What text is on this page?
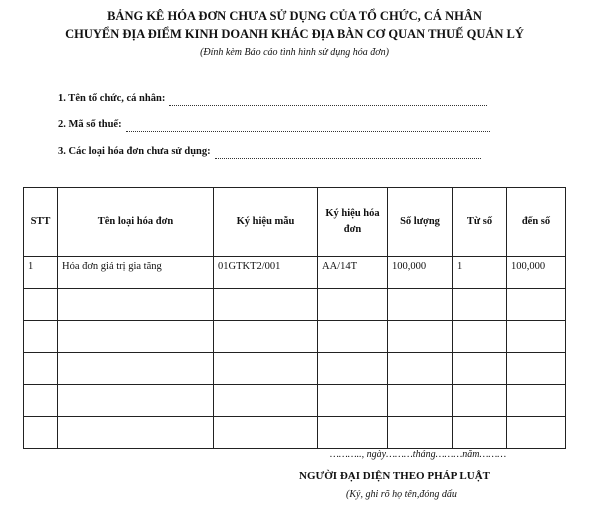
BẢNG KÊ HÓA ĐƠN CHƯA SỬ DỤNG CỦA TỔ CHỨC, CÁ NHÂN
CHUYỂN ĐỊA ĐIỂM KINH DOANH KHÁC ĐỊA BÀN CƠ QUAN THUẾ QUẢN LÝ
(Đính kèm Báo cáo tình hình sử dụng hóa đơn)
1. Tên tổ chức, cá nhân:
2. Mã số thuế:
3. Các loại hóa đơn chưa sử dụng:
STT	Tên loại hóa đơn	Ký hiệu mẫu	Ký hiệu hóa đơn	Số lượng	Từ số	đến số
1	Hóa đơn giá trị gia tăng	01GTKT2/001	AA/14T	100,000	1	100,000

……….., ngày………tháng………năm………
NGƯỜI ĐẠI DIỆN THEO PHÁP LUẬT
(Ký, ghi rõ họ tên,đóng dấu
